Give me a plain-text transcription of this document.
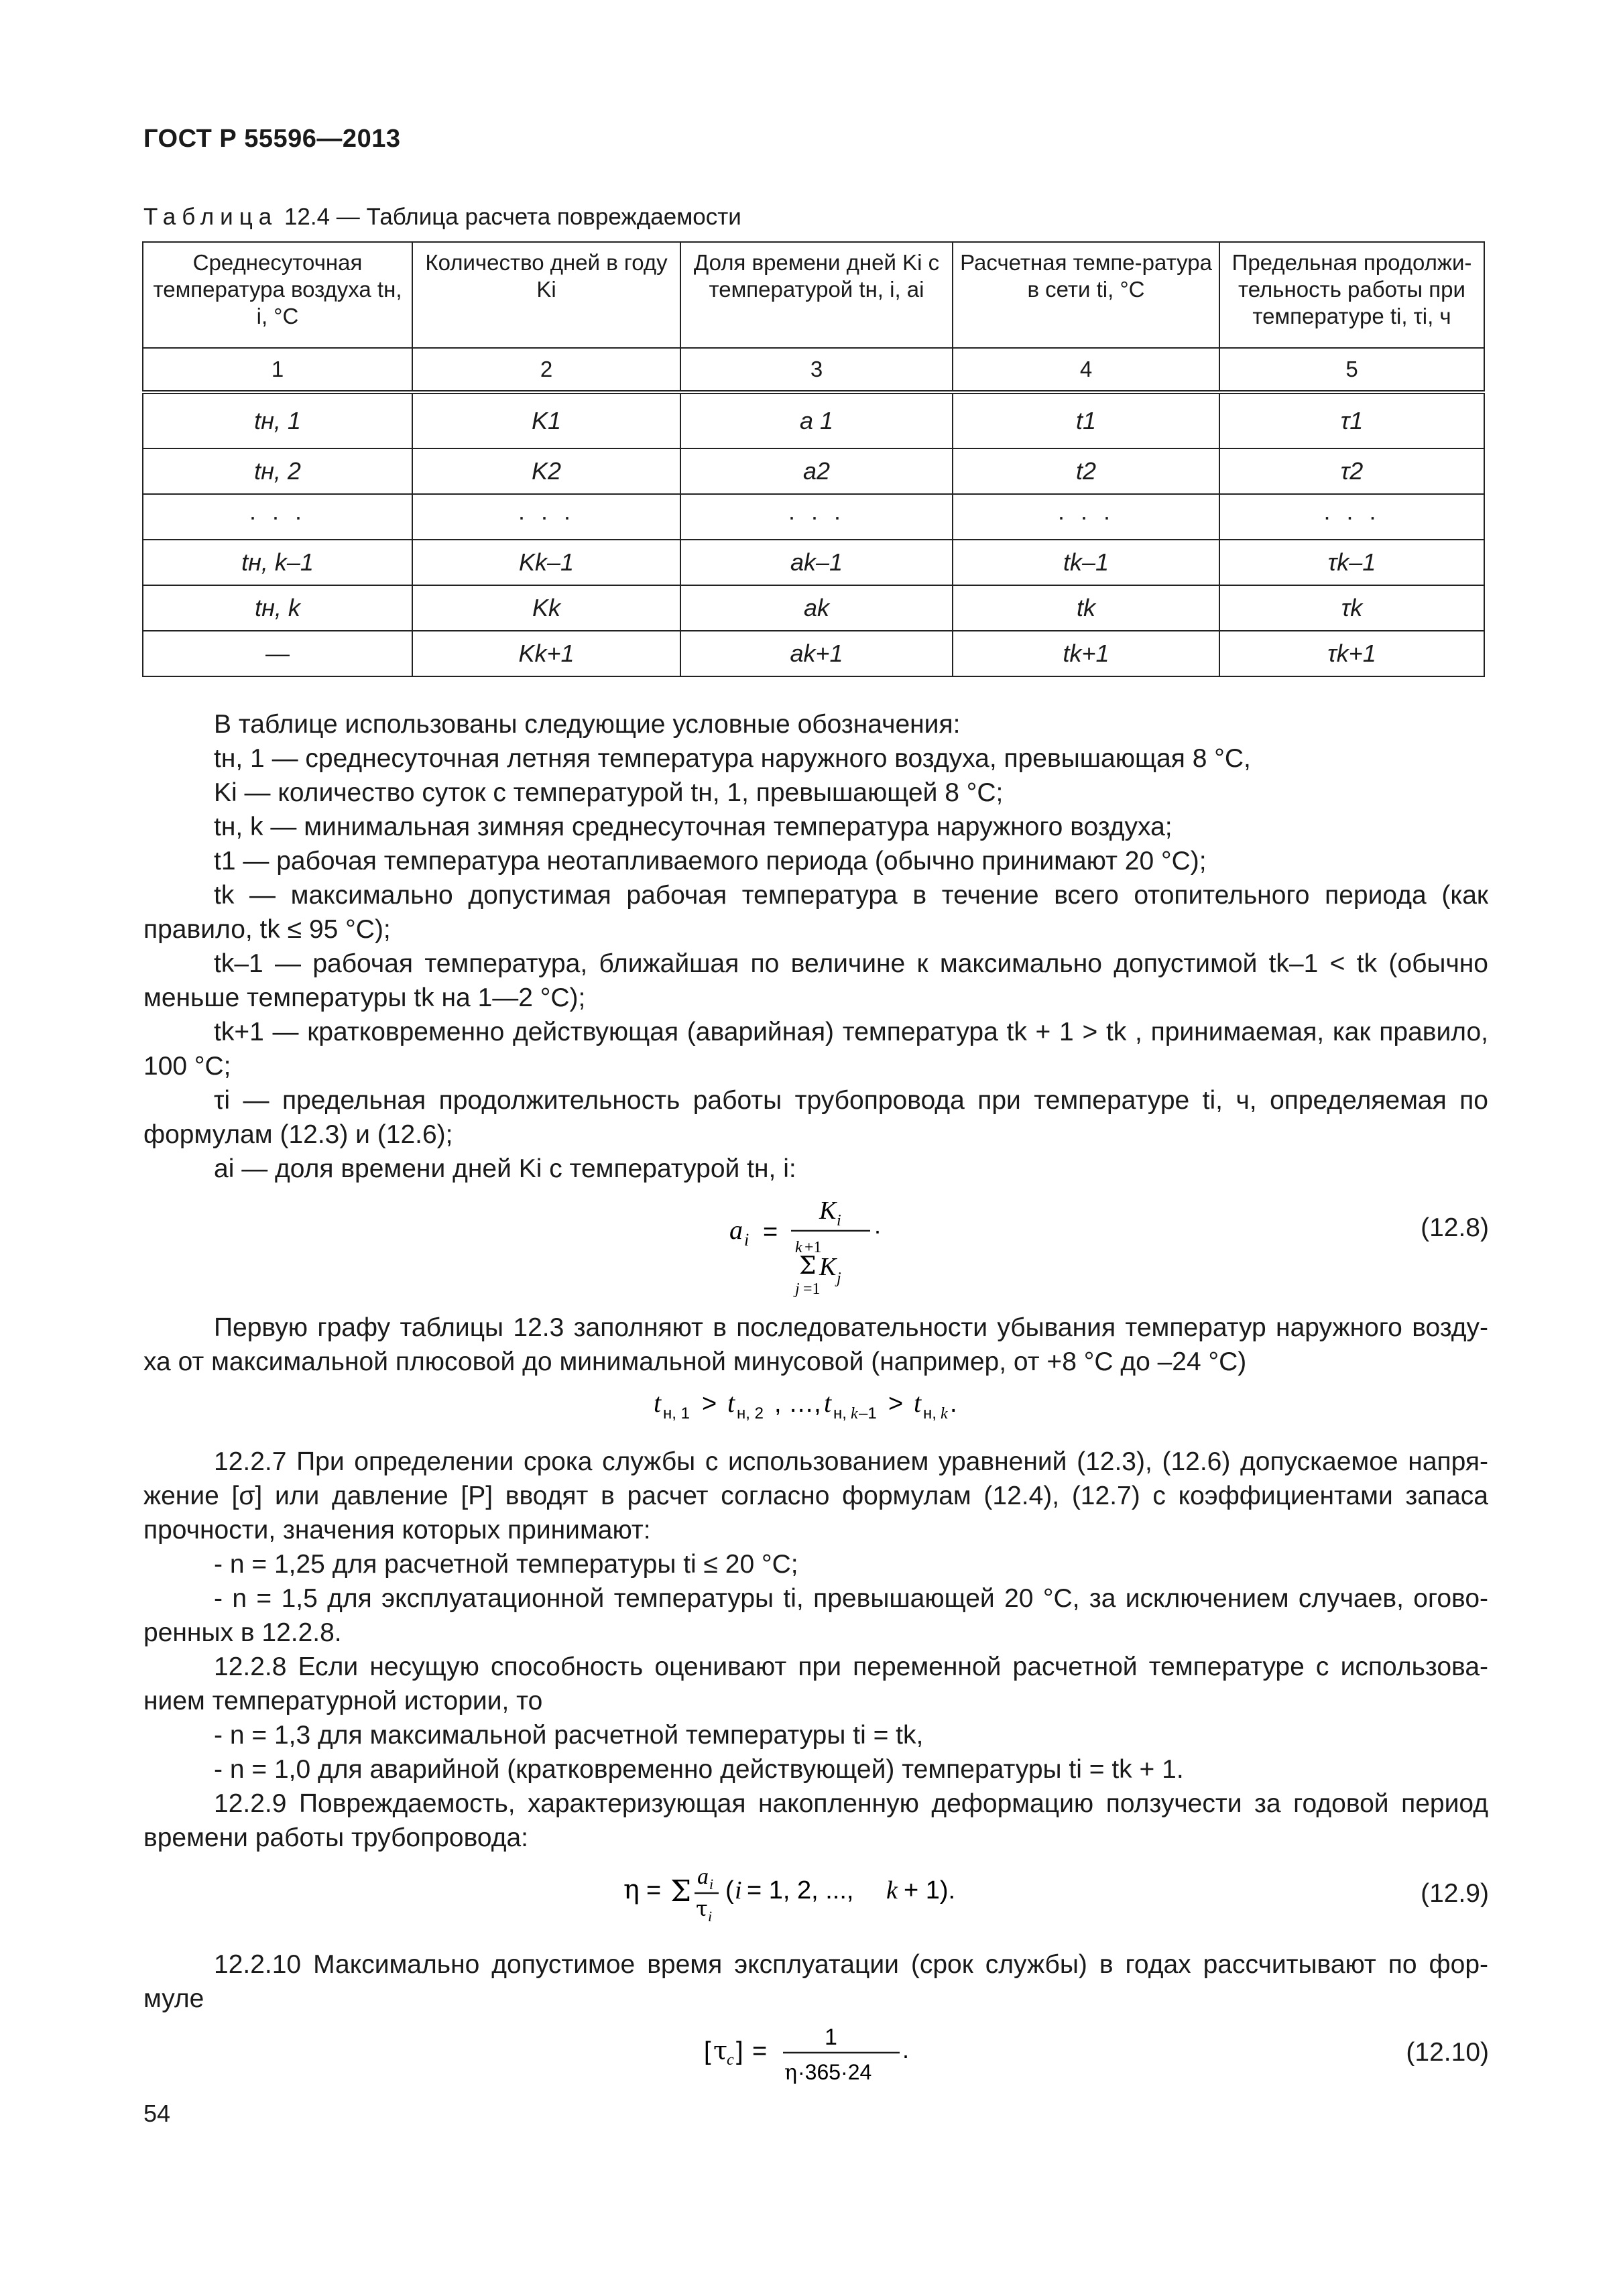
ГОСТ Р 55596—2013
Таблица 12.4 — Таблица расчета повреждаемости
Среднесуточная температура воздуха tн, i, °С	Количество дней в году Ki	Доля времени дней Ki с температурой tн, i, ai	Расчетная темпе-ратура в сети ti, °С	Предельная продолжи-тельность работы при температуре ti, τi, ч
1	2	3	4	5
tн, 1	K1	a 1	t1	τ1
tн, 2	K2	a2	t2	τ2
· · ·	· · ·	· · ·	· · ·	· · ·
tн, k–1	Kk–1	ak–1	tk–1	τk–1
tн, k	Kk	ak	tk	τk
—	Kk+1	ak+1	tk+1	τk+1

В таблице использованы следующие условные обозначения:

tн, 1 — среднесуточная летняя температура наружного воздуха, превышающая 8 °С,

Ki — количество суток с температурой tн, 1, превышающей 8 °С;

tн, k — минимальная зимняя среднесуточная температура наружного воздуха;

t1 — рабочая температура неотапливаемого периода (обычно принимают 20 °С);

tk — максимально допустимая рабочая температура в течение всего отопительного периода (как правило, tk ≤ 95 °С);

tk–1 — рабочая температура, ближайшая по величине к максимально допустимой tk–1 < tk (обычно меньше температуры tk на 1—2 °С);

tk+1 — кратковременно действующая (аварийная) температура tk + 1 > tk , принимаемая, как правило, 100 °С;

τi — предельная продолжительность работы трубопровода при температуре ti, ч, определяемая по формулам (12.3) и (12.6);

ai — доля времени дней Ki с температурой tн, i:

a i =
K i .
k +1
Σ K j
j =1
(12.8)

Первую графу таблицы 12.3 заполняют в последовательности убывания температур наружного возду-ха от максимальной плюсовой до минимальной минусовой (например, от +8 °С до –24 °С)

t н, 1 > t н, 2 , …, t н, k –1 > t н, k .

12.2.7 При определении срока службы с использованием уравнений (12.3), (12.6) допускаемое напря-жение [σ] или давление [P] вводят в расчет согласно формулам (12.4), (12.7) с коэффициентами запаса прочности, значения которых принимают:

- n = 1,25 для расчетной температуры ti ≤ 20 °С;

- n = 1,5 для эксплуатационной температуры ti, превышающей 20 °С, за исключением случаев, огово-ренных в 12.2.8.

12.2.8 Если несущую способность оценивают при переменной расчетной температуре с использова-нием температурной истории, то

- n = 1,3 для максимальной расчетной температуры ti = tk,

- n = 1,0 для аварийной (кратковременно действующей) температуры ti = tk + 1.

12.2.9 Повреждаемость, характеризующая накопленную деформацию ползучести за годовой период времени работы трубопровода:

η = Σ a i
τ i
( i = 1, 2, ..., k + 1).	(12.9)

12.2.10 Максимально допустимое время эксплуатации (срок службы) в годах рассчитывают по фор-муле

[ τ
c ] =	1
η ·365·24
.	(12.10)
54
